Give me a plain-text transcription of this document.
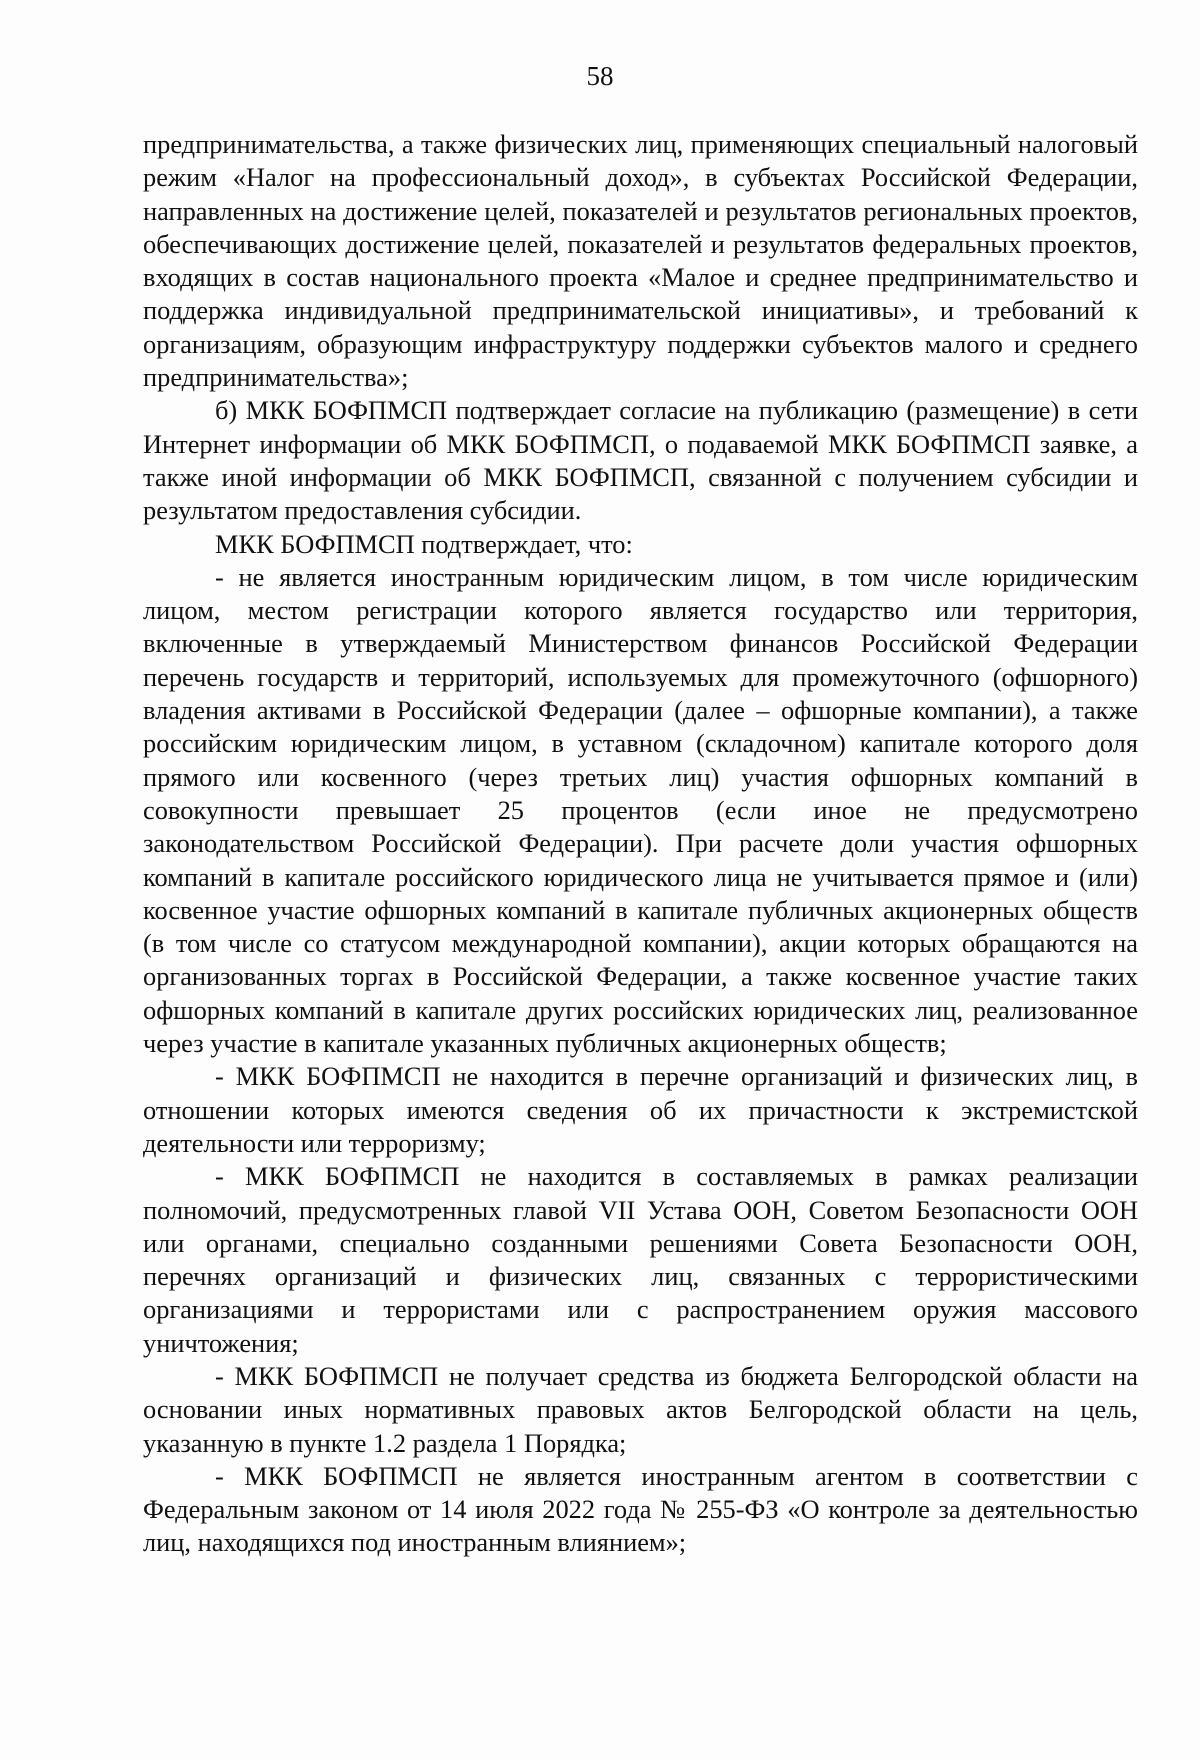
58

предпринимательства, а также физических лиц, применяющих специальный налоговый режим «Налог на профессиональный доход», в субъектах Российской Федерации, направленных на достижение целей, показателей и результатов региональных проектов, обеспечивающих достижение целей, показателей и результатов федеральных проектов, входящих в состав национального проекта «Малое и среднее предпринимательство и поддержка индивидуальной предпринимательской инициативы», и требований к организациям, образующим инфраструктуру поддержки субъектов малого и среднего предпринимательства»;

б) МКК БОФПМСП подтверждает согласие на публикацию (размещение) в сети Интернет информации об МКК БОФПМСП, о подаваемой МКК БОФПМСП заявке, а также иной информации об МКК БОФПМСП, связанной с получением субсидии и результатом предоставления субсидии.

МКК БОФПМСП подтверждает, что:

- не является иностранным юридическим лицом, в том числе юридическим лицом, местом регистрации которого является государство или территория, включенные в утверждаемый Министерством финансов Российской Федерации перечень государств и территорий, используемых для промежуточного (офшорного) владения активами в Российской Федерации (далее – офшорные компании), а также российским юридическим лицом, в уставном (складочном) капитале которого доля прямого или косвенного (через третьих лиц) участия офшорных компаний в совокупности превышает 25 процентов (если иное не предусмотрено законодательством Российской Федерации). При расчете доли участия офшорных компаний в капитале российского юридического лица не учитывается прямое и (или) косвенное участие офшорных компаний в капитале публичных акционерных обществ (в том числе со статусом международной компании), акции которых обращаются на организованных торгах в Российской Федерации, а также косвенное участие таких офшорных компаний в капитале других российских юридических лиц, реализованное через участие в капитале указанных публичных акционерных обществ;

- МКК БОФПМСП не находится в перечне организаций и физических лиц, в отношении которых имеются сведения об их причастности к экстремистской деятельности или терроризму;

- МКК БОФПМСП не находится в составляемых в рамках реализации полномочий, предусмотренных главой VII Устава ООН, Советом Безопасности ООН или органами, специально созданными решениями Совета Безопасности ООН, перечнях организаций и физических лиц, связанных с террористическими организациями и террористами или с распространением оружия массового уничтожения;

- МКК БОФПМСП не получает средства из бюджета Белгородской области на основании иных нормативных правовых актов Белгородской области на цель, указанную в пункте 1.2 раздела 1 Порядка;

- МКК БОФПМСП не является иностранным агентом в соответствии с Федеральным законом от 14 июля 2022 года № 255-ФЗ «О контроле за деятельностью лиц, находящихся под иностранным влиянием»;
